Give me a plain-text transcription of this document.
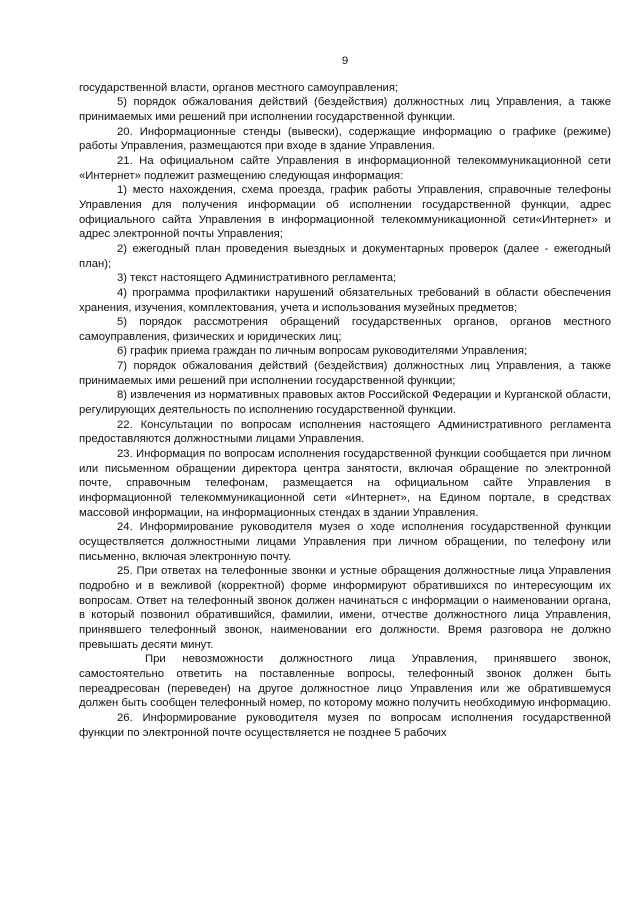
9

государственной власти, органов местного самоуправления;

5) порядок обжалования действий (бездействия) должностных лиц Управления, а также принимаемых ими решений при исполнении государственной функции.

20. Информационные стенды (вывески), содержащие информацию о графике (режиме) работы Управления, размещаются при входе в здание Управления.

21. На официальном сайте Управления в информационной телекоммуникационной сети «Интернет» подлежит размещению следующая информация:

1) место нахождения, схема проезда, график работы Управления, справочные телефоны Управления для получения информации об исполнении государственной функции, адрес официального сайта Управления в информационной телекоммуникационной сети«Интернет» и адрес электронной почты Управления;

2) ежегодный план проведения выездных и документарных проверок (далее - ежегодный план);

3) текст настоящего Административного регламента;

4) программа профилактики нарушений обязательных требований в области обеспечения хранения, изучения, комплектования, учета и использования музейных предметов;

5) порядок рассмотрения обращений государственных органов, органов местного самоуправления, физических и юридических лиц;

6) график приема граждан по личным вопросам руководителями Управления;

7) порядок обжалования действий (бездействия) должностных лиц Управления, а также принимаемых ими решений при исполнении государственной функции;

8) извлечения из нормативных правовых актов Российской Федерации и Курганской области, регулирующих деятельность по исполнению государственной функции.

22. Консультации по вопросам исполнения настоящего Административного регламента предоставляются должностными лицами Управления.

23. Информация по вопросам исполнения государственной функции сообщается при личном или письменном обращении директора центра занятости, включая обращение по электронной почте, справочным телефонам, размещается на официальном сайте Управления в информационной телекоммуникационной сети «Интернет», на Едином портале, в средствах массовой информации, на информационных стендах в здании Управления.

24. Информирование руководителя музея о ходе исполнения государственной функции осуществляется должностными лицами Управления при личном обращении, по телефону или письменно, включая электронную почту.

25. При ответах на телефонные звонки и устные обращения должностные лица Управления подробно и в вежливой (корректной) форме информируют обратившихся по интересующим их вопросам. Ответ на телефонный звонок должен начинаться с информации о наименовании органа, в который позвонил обратившийся, фамилии, имени, отчестве должностного лица Управления, принявшего телефонный звонок, наименовании его должности. Время разговора не должно превышать десяти минут.

При невозможности должностного лица Управления, принявшего звонок, самостоятельно ответить на поставленные вопросы, телефонный звонок должен быть переадресован (переведен) на другое должностное лицо Управления или же обратившемуся должен быть сообщен телефонный номер, по которому можно получить необходимую информацию.

26. Информирование руководителя музея по вопросам исполнения государственной функции по электронной почте осуществляется не позднее 5 рабочих
